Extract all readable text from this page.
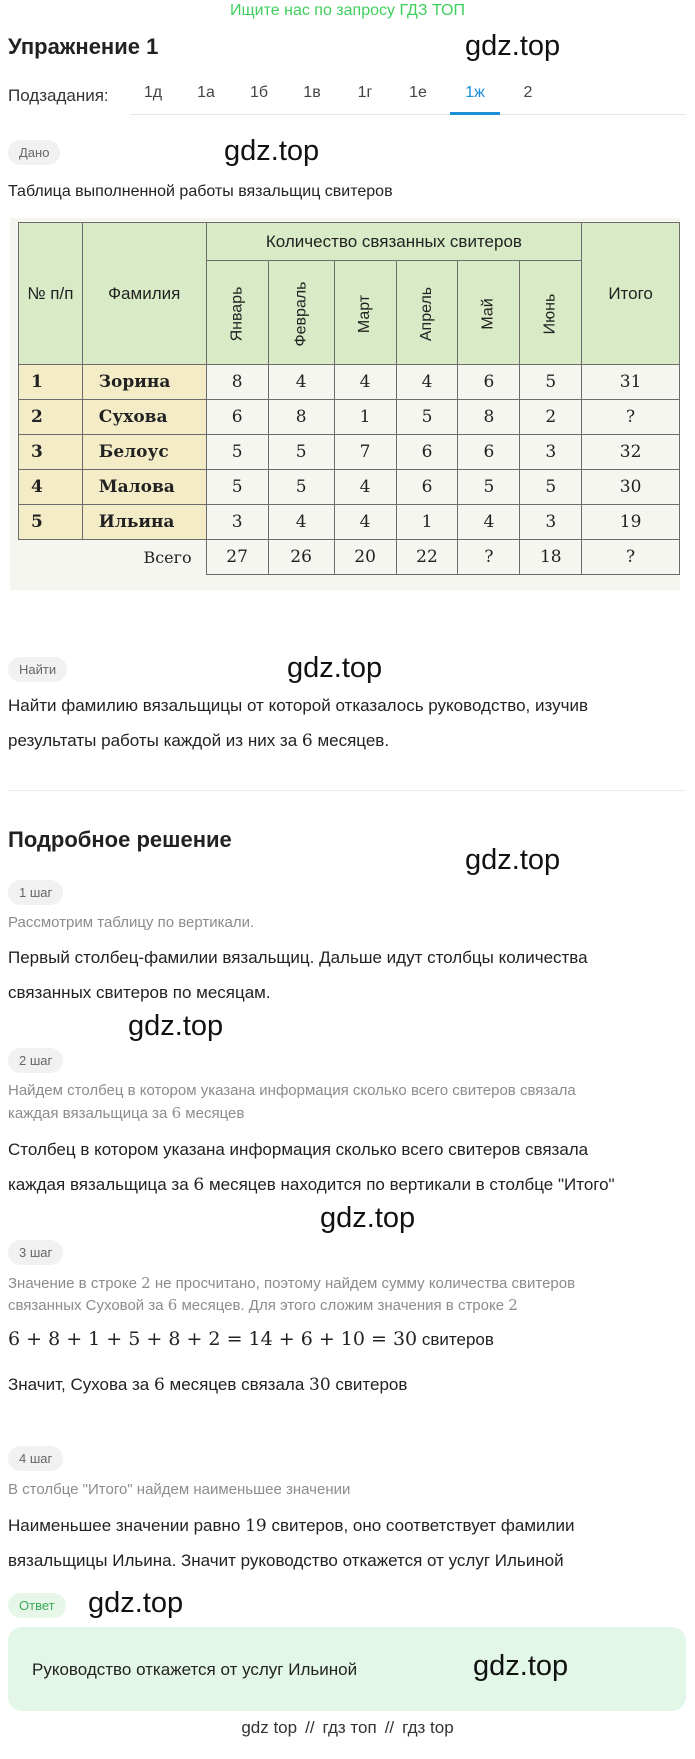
Ищите нас по запросу ГДЗ ТОП
Упражнение 1	gdz.top
Подзадания:	1д	1а	1б	1в	1г	1е	1ж	2
Дано	gdz.top
Таблица выполненной работы вязальщиц свитеров
№ п/п	Фамилия	Количество связанных свитеров						Итого
		Январь	Февраль	Март	Апрель	Май	Июнь	
1	Зорина	8	4	4	4	6	5	31
2	Сухова	6	8	1	5	8	2	?
3	Белоус	5	5	7	6	6	3	32
4	Малова	5	5	4	6	5	5	30
5	Ильина	3	4	4	1	4	3	19
	Всего	27	26	20	22	?	18	?
Найти	gdz.top
Найти фамилию вязальщицы от которой отказалось руководство, изучив
результаты работы каждой из них за 6 месяцев.
Подробное решение
gdz.top
1 шаг
Рассмотрим таблицу по вертикали.
Первый столбец-фамилии вязальщиц. Дальше идут столбцы количества
связанных свитеров по месяцам.
gdz.top
2 шаг
Найдем столбец в котором указана информация сколько всего свитеров связала
каждая вязальщица за 6 месяцев
Столбец в котором указана информация сколько всего свитеров связала
каждая вязальщица за 6 месяцев находится по вертикали в столбце "Итого"
gdz.top
3 шаг
Значение в строке 2 не просчитано, поэтому найдем сумму количества свитеров
связанных Суховой за 6 месяцев. Для этого сложим значения в строке 2
6 + 8 + 1 + 5 + 8 + 2 = 14 + 6 + 10 = 30 свитеров
Значит, Сухова за 6 месяцев связала 30 свитеров
4 шаг
В столбце "Итого" найдем наименьшее значении
Наименьшее значении равно 19 свитеров, оно соответствует фамилии
вязальщицы Ильина. Значит руководство откажется от услуг Ильиной
Ответ	gdz.top
Руководство откажется от услуг Ильиной	gdz.top
gdz top // гдз топ // гдз top
